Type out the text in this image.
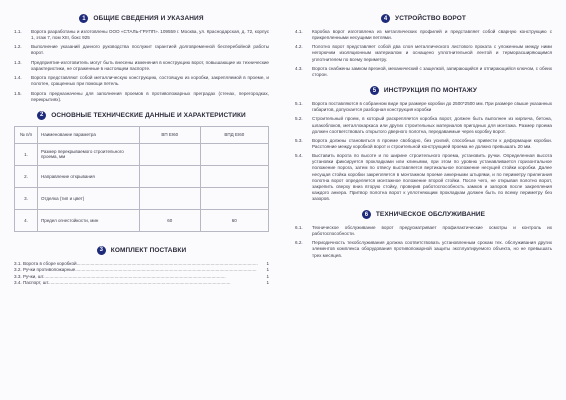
1	ОБЩИЕ СВЕДЕНИЯ И УКАЗАНИЯ
1.1.	Ворота разработаны и изготовлены ООО «СТАЛЬ-ГРУПП». 109559 г. Москва, ул. Краснодарская, д. 72, корпус 1, этаж 7, пом XIII, бокс 925
1.2.	Выполнение указаний данного руководства послужит гарантией долговременной бесперебойной работы ворот.
1.3.	Предприятие-изготовитель могут быть внесены изменения в конструкцию ворот, повышающие их технические характеристики, не отраженные в настоящем паспорте.
1.4.	Ворота представляют собой металлическую конструкцию, состоящую из коробки, закрепляемой в проеме, и полотен, сращенных при помощи петель.
1.5.	Ворота предназначены для заполнения проемов в противопожарных преградах (стенах, перегородках, перекрытиях).
2	ОСНОВНЫЕ ТЕХНИЧЕСКИЕ ДАННЫЕ И ХАРАКТЕРИСТИКИ
№ п/п	Наименование параметра	ВП EI60	ВПД EI60
1.	Размер перекрываемого строительного проема, мм		
2.	Направление открывания		
3.	Отделка (тип и цвет)		
4.	Предел огнестойкости, мин	60	60
3	КОМПЛЕКТ ПОСТАВКИ
3.1. Ворота в сборе коробкой ..............................................................................................................................................	1
3.2. Ручки противопожарные ..............................................................................................................................................	1
3.3. Ручки, шт. ..............................................................................................................................................	1
3.4. Паспорт, шт. ..............................................................................................................................................	1
4	УСТРОЙСТВО ВОРОТ
4.1.	Коробка ворот изготовлена из металлических профилей и представляет собой сварную конструкцию с прикрепленными несущими петлями.
4.2.	Полотно ворот представляет собой два слоя металлического листового проката с уложенным между ними негорючим изоляционным материалом и оснащено уплотнительной лентой и терморасширяющимся уплотнителем по всему периметру.
4.3.	Ворота снабжены замком врезной, механический с защелкой, запирающийся и отпирающийся ключом, с обеих сторон.
5	ИНСТРУКЦИЯ ПО МОНТАЖУ
5.1.	Ворота поставляются в собранном виде при размере коробки до 2500*2500 мм. При размере свыше указанных габаритов, допускается разборная конструкция коробки
5.2.	Строительный проем, в который раскрепляется коробка ворот, должен быть выполнен из кирпича, бетона, шлакоблоков, металлокаркаса или других строительных материалов пригодных для монтажа. Размер проема должен соответствовать открытого дверного полотна, передаваемые через коробку ворот.
5.3.	Ворота должны становиться в проеме свободно, без усилий, способных привести к деформации коробки. Расстояние между коробкой ворот и строительной конструкцией проема не должно превышать 20 мм.
5.4.	Выставить ворота по высоте и по ширине строительного проема, установить ручки. Определенная высота установки фиксируется прокладками или клиньями, при этом по уровню устанавливается горизонтальное положение порога, затем по отвесу выставляется вертикальное положение несущей стойки коробки. Далее несущая стойка коробки закрепляется в монтажном проеме анкерными штырями, и по периметру прилегания полотна ворот определяется монтажное положение второй стойки. После чего, не открывая полотно ворот, закрепить сверху вниз вторую стойку, проверив работоспособность замков и запоров после закрепления каждого анкера. Притвор полотна ворот к уплотняющим прокладкам должен быть по всему периметру без зазоров.
6	ТЕХНИЧЕСКОЕ ОБСЛУЖИВАНИЕ
6.1.	Техническое обслуживание ворот предусматривает профилактические осмотры и контроль их работоспособности.
6.2.	Периодичность техобслуживания должна соответствовать установленным срокам тех. обслуживания других элементов комплекса оборудования противопожарной защиты эксплуатируемого объекта, но не превышать трех месяцев.
